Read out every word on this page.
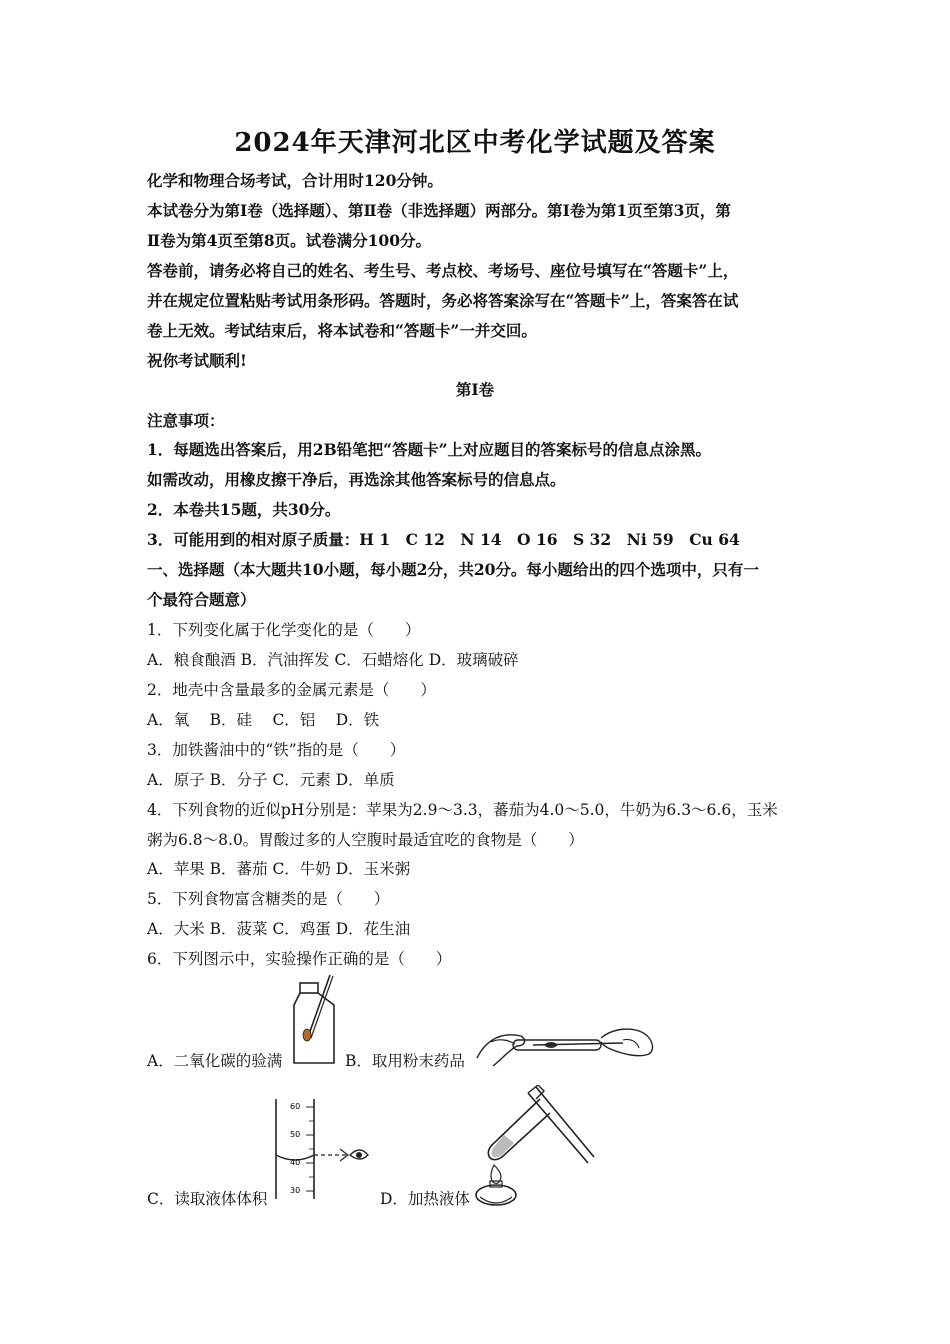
2024年天津河北区中考化学试题及答案
化学和物理合场考试，合计用时120分钟。
本试卷分为第Ⅰ卷（选择题）、第Ⅱ卷（非选择题）两部分。第Ⅰ卷为第1页至第3页，第
Ⅱ卷为第4页至第8页。试卷满分100分。
答卷前，请务必将自己的姓名、考生号、考点校、考场号、座位号填写在“答题卡”上，
并在规定位置粘贴考试用条形码。答题时，务必将答案涂写在“答题卡”上，答案答在试
卷上无效。考试结束后，将本试卷和“答题卡”一并交回。
祝你考试顺利!
第Ⅰ卷
注意事项：
1．每题选出答案后，用2B铅笔把“答题卡”上对应题目的答案标号的信息点涂黑。
如需改动，用橡皮擦干净后，再选涂其他答案标号的信息点。
2．本卷共15题，共30分。
3．可能用到的相对原子质量：H 1　C 12　N 14　O 16　S 32　Ni 59　Cu 64
一、选择题（本大题共10小题，每小题2分，共20分。每小题给出的四个选项中，只有一
个最符合题意）
1．下列变化属于化学变化的是（　　）
A．粮食酿酒 B．汽油挥发 C．石蜡熔化 D．玻璃破碎
2．地壳中含量最多的金属元素是（　　）
A．氧　 B．硅　 C．铝　 D．铁
3．加铁酱油中的“铁”指的是（　　）
A．原子 B．分子 C．元素 D．单质
4．下列食物的近似pH分别是：苹果为2.9～3.3，蕃茄为4.0～5.0，牛奶为6.3～6.6，玉米
粥为6.8～8.0。胃酸过多的人空腹时最适宜吃的食物是（　　）
A．苹果 B．蕃茄 C．牛奶 D．玉米粥
5．下列食物富含糖类的是（　　）
A．大米 B．菠菜 C．鸡蛋 D．花生油
6．下列图示中，实验操作正确的是（　　）
A．二氧化碳的验满	B．取用粉末药品
C．读取液体体积
60
50
40
30	D．加热液体
